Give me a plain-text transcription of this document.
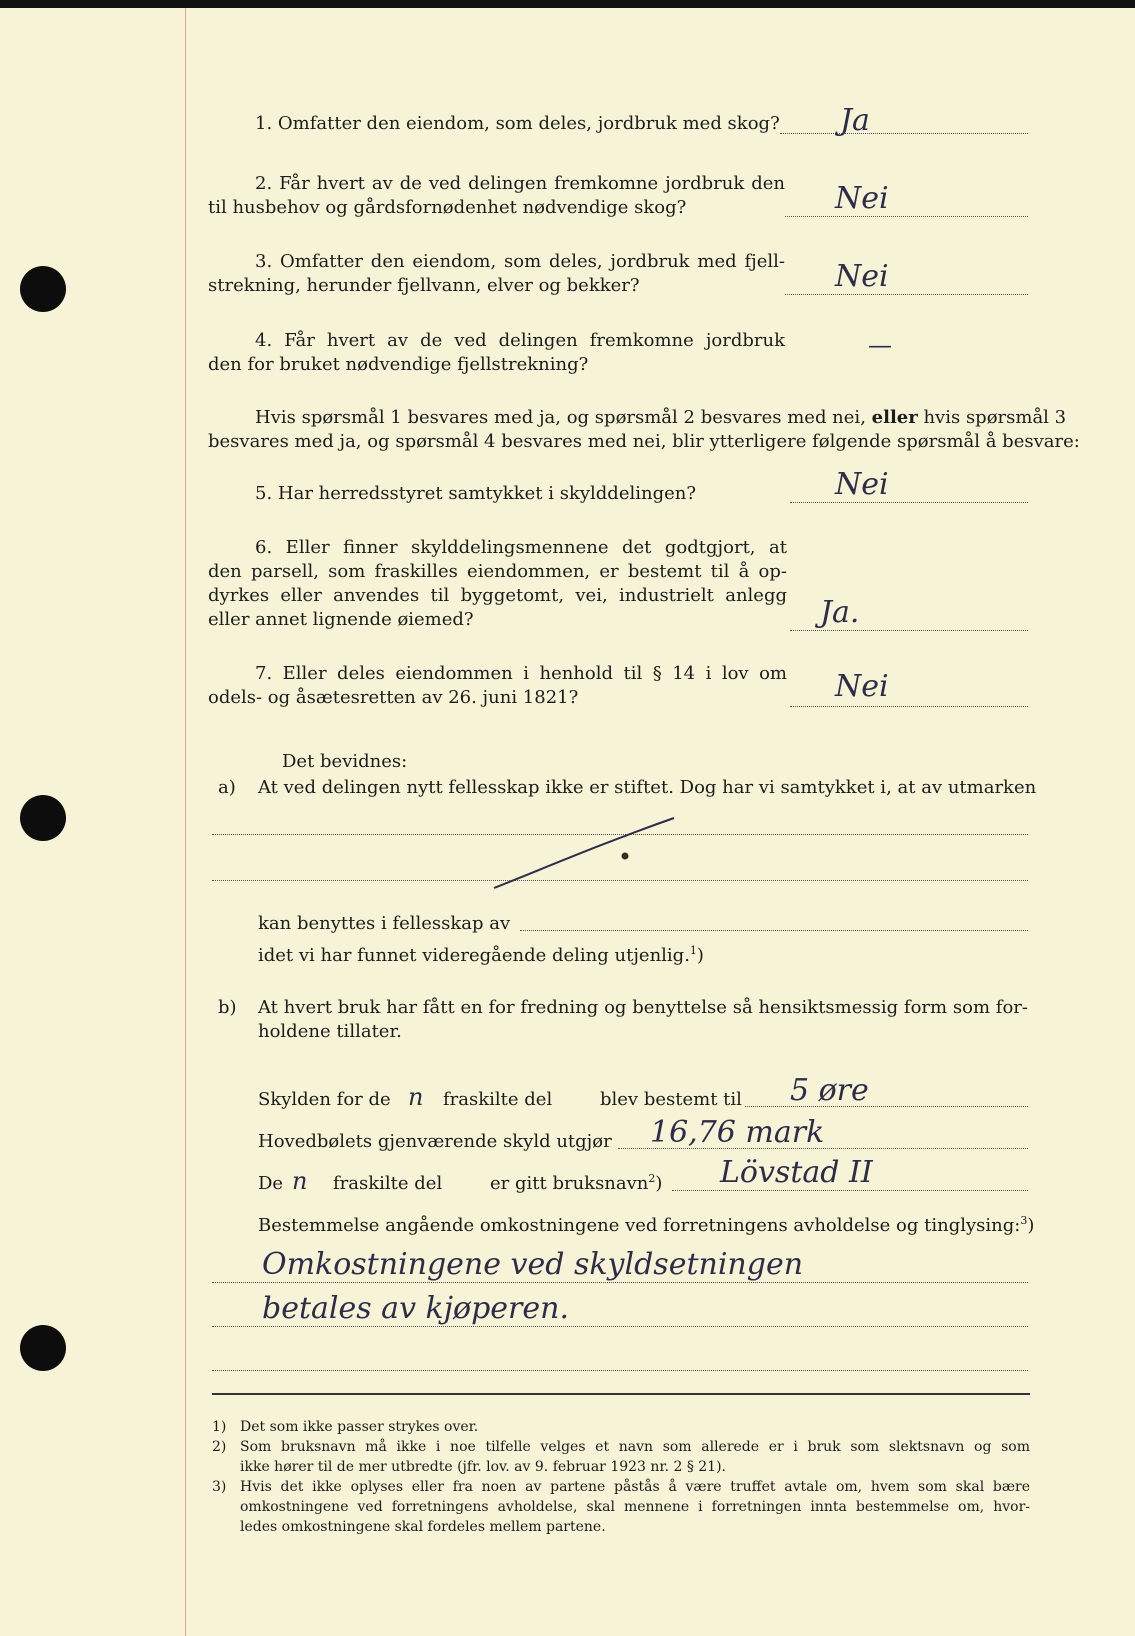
1. Omfatter den eiendom, som deles, jordbruk med skog? Ja
2. Får hvert av de ved delingen fremkomne jordbruk den
til husbehov og gårdsfornødenhet nødvendige skog?	Nei
3. Omfatter den eiendom, som deles, jordbruk med fjell-
strekning, herunder fjellvann, elver og bekker?	Nei
4. Får hvert av de ved delingen fremkomne jordbruk
den for bruket nødvendige fjellstrekning?
—
Hvis spørsmål 1 besvares med ja, og spørsmål 2 besvares med nei, eller hvis spørsmål 3
besvares med ja, og spørsmål 4 besvares med nei, blir ytterligere følgende spørsmål å besvare:
5. Har herredsstyret samtykket i skylddelingen?	Nei
6. Eller finner skylddelingsmennene det godtgjort, at
den parsell, som fraskilles eiendommen, er bestemt til å op-
dyrkes eller anvendes til byggetomt, vei, industrielt anlegg
eller annet lignende øiemed?	Ja.
7. Eller deles eiendommen i henhold til § 14 i lov om
odels- og åsætesretten av 26. juni 1821?	Nei
Det bevidnes:
a) At ved delingen nytt fellesskap ikke er stiftet. Dog har vi samtykket i, at av utmarken
kan benyttes i fellesskap av
idet vi har funnet videregående deling utjenlig.$^1$)
b) At hvert bruk har fått en for fredning og benyttelse så hensiktsmessig form som for-
holdene tillater.
Skylden for de n fraskilte del	blev bestemt til 5 øre
Hovedbølets gjenværende skyld utgjør 16,76 mark
De n fraskilte del	er gitt bruksnavn$^2$) Lövstad II
Bestemmelse angående omkostningene ved forretningens avholdelse og tinglysing:$^3$)
Omkostningene ved skyldsetningen
betales av kjøperen.
1) Det som ikke passer strykes over.
2) Som bruksnavn må ikke i noe tilfelle velges et navn som allerede er i bruk som slektsnavn og som
ikke hører til de mer utbredte (jfr. lov. av 9. februar 1923 nr. 2 § 21).
3) Hvis det ikke oplyses eller fra noen av partene påstås å være truffet avtale om, hvem som skal bære
omkostningene ved forretningens avholdelse, skal mennene i forretningen innta bestemmelse om, hvor-
ledes omkostningene skal fordeles mellem partene.
